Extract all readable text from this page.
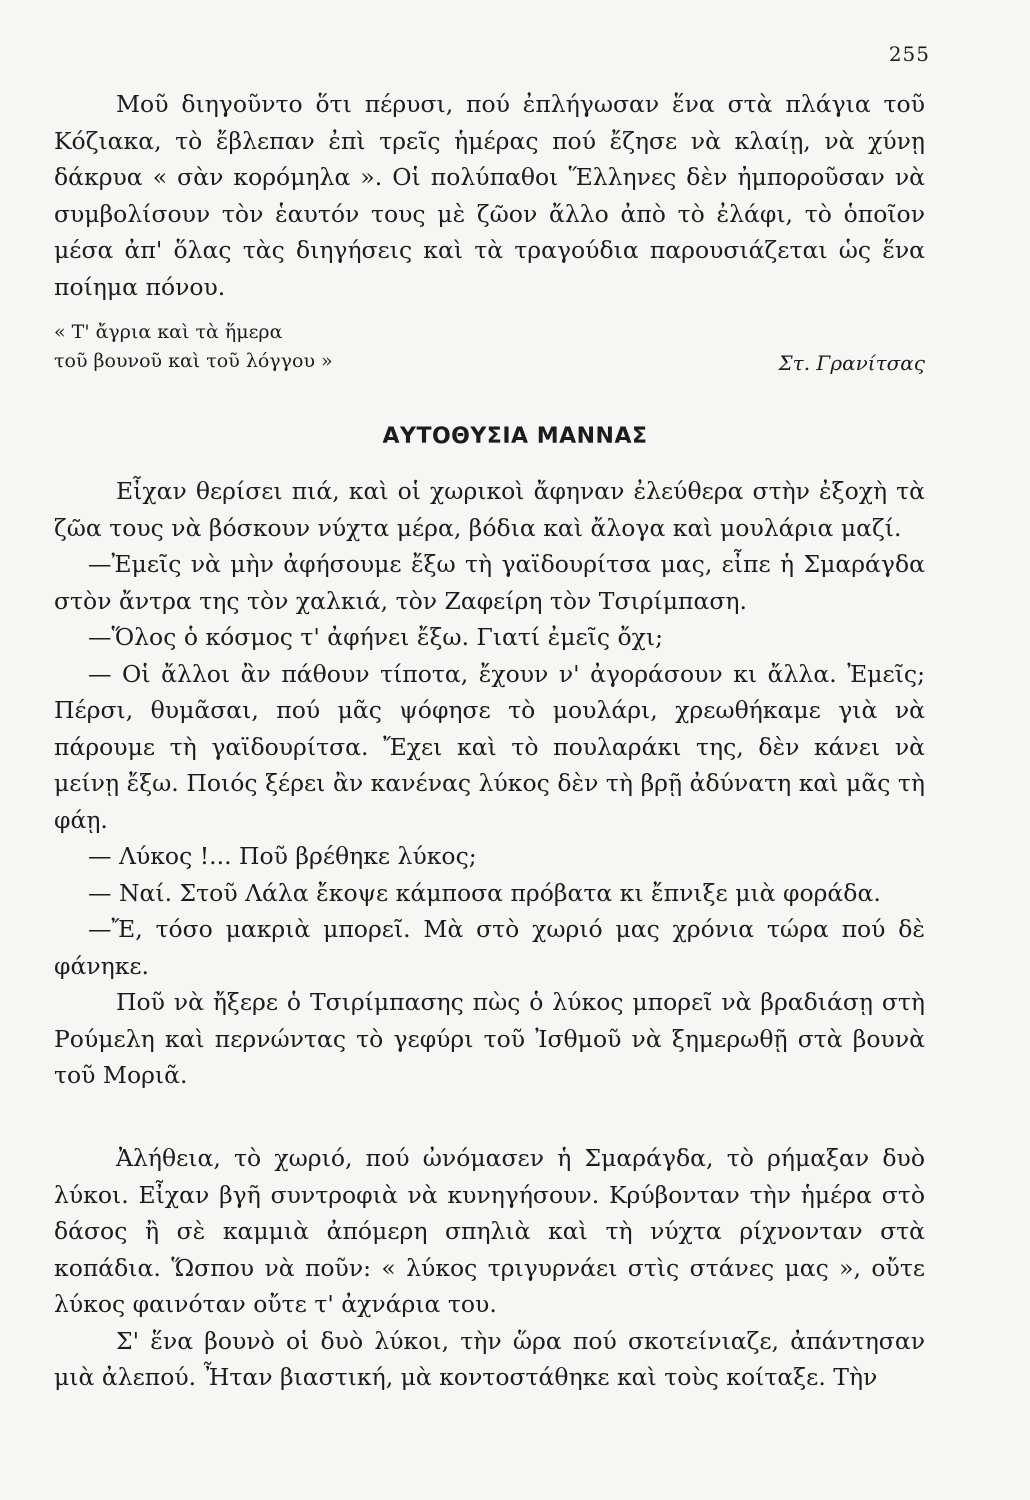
255

Μοῦ διηγοῦντο ὅτι πέρυσι, πού ἐπλήγωσαν ἕνα στὰ πλάγια τοῦ Κόζιακα, τὸ ἔβλεπαν ἐπὶ τρεῖς ἡμέρας πού ἔζησε νὰ κλαίῃ, νὰ χύνῃ δάκρυα « σὰν κορόμηλα ». Οἱ πολύπαθοι Ἕλληνες δὲν ἠμποροῦσαν νὰ συμβολίσουν τὸν ἑαυτόν τους μὲ ζῶον ἄλλο ἀπὸ τὸ ἐλάφι, τὸ ὁποῖον μέσα ἀπ' ὅλας τὰς διηγήσεις καὶ τὰ τραγούδια παρουσιάζεται ὡς ἕνα ποίημα πόνου.

« Τ' ἄγρια καὶ τὰ ἥμερα
τοῦ βουνοῦ καὶ τοῦ λόγγου »	Στ. Γρανίτσας
ΑΥΤΟΘΥΣΙΑ ΜΑΝΝΑΣ

Εἶχαν θερίσει πιά, καὶ οἱ χωρικοὶ ἄφηναν ἐλεύθερα στὴν ἐξοχὴ τὰ ζῶα τους νὰ βόσκουν νύχτα μέρα, βόδια καὶ ἄλογα καὶ μουλάρια μαζί.

—Ἐμεῖς νὰ μὴν ἀφήσουμε ἔξω τὴ γαϊδουρίτσα μας, εἶπε ἡ Σμαράγδα στὸν ἄντρα της τὸν χαλκιά, τὸν Ζαφείρη τὸν Τσιρίμπαση.

—Ὅλος ὁ κόσμος τ' ἀφήνει ἔξω. Γιατί ἐμεῖς ὄχι;

— Οἱ ἄλλοι ἂν πάθουν τίποτα, ἔχουν ν' ἀγοράσουν κι ἄλλα. Ἐμεῖς; Πέρσι, θυμᾶσαι, πού μᾶς ψόφησε τὸ μουλάρι, χρεωθήκαμε γιὰ νὰ πάρουμε τὴ γαϊδουρίτσα. Ἔχει καὶ τὸ πουλαράκι της, δὲν κάνει νὰ μείνῃ ἔξω. Ποιός ξέρει ἂν κανένας λύκος δὲν τὴ βρῇ ἀδύνατη καὶ μᾶς τὴ φάῃ.

— Λύκος !... Ποῦ βρέθηκε λύκος;

— Ναί. Στοῦ Λάλα ἔκοψε κάμποσα πρόβατα κι ἔπνιξε μιὰ φοράδα.

—Ἔ, τόσο μακριὰ μπορεῖ. Μὰ στὸ χωριό μας χρόνια τώρα πού δὲ φάνηκε.

Ποῦ νὰ ἤξερε ὁ Τσιρίμπασης πὼς ὁ λύκος μπορεῖ νὰ βραδιάσῃ στὴ Ρούμελη καὶ περνώντας τὸ γεφύρι τοῦ Ἰσθμοῦ νὰ ξημερωθῇ στὰ βουνὰ τοῦ Μοριᾶ.

Ἀλήθεια, τὸ χωριό, πού ὠνόμασεν ἡ Σμαράγδα, τὸ ρήμαξαν δυὸ λύκοι. Εἶχαν βγῆ συντροφιὰ νὰ κυνηγήσουν. Κρύβονταν τὴν ἡμέρα στὸ δάσος ἢ σὲ καμμιὰ ἀπόμερη σπηλιὰ καὶ τὴ νύχτα ρίχνονταν στὰ κοπάδια. Ὥσπου νὰ ποῦν: « λύκος τριγυρνάει στὶς στάνες μας », οὔτε λύκος φαινόταν οὔτε τ' ἀχνάρια του.

Σ' ἕνα βουνὸ οἱ δυὸ λύκοι, τὴν ὥρα πού σκοτείνιαζε, ἀπάντησαν μιὰ ἀλεπού. Ἦταν βιαστική, μὰ κοντοστάθηκε καὶ τοὺς κοίταξε. Τὴν
